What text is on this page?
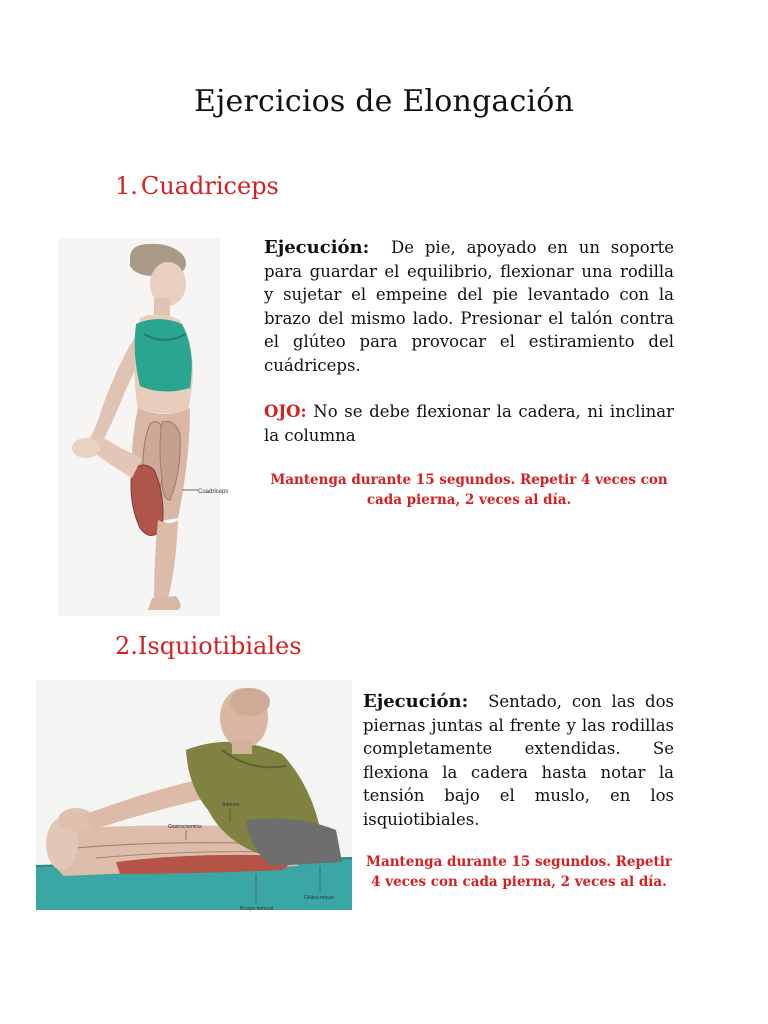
Ejercicios de Elongación
1. Cuadriceps
Cuadriceps
Ejecución: De pie, apoyado en un soporte para guardar el equilibrio, flexionar una rodilla y sujetar el empeine del pie levantado con la brazo del mismo lado. Presionar el talón contra el glúteo para provocar el estiramiento del cuádriceps.
OJO: No se debe flexionar la cadera, ni inclinar la columna
Mantenga durante 15 segundos. Repetir 4 veces con cada pierna, 2 veces al día.
2.Isquiotibiales
Sartorio
Gastrocnemios
Bíceps femoral
Glúteo mayor
Ejecución: Sentado, con las dos piernas juntas al frente y las rodillas completamente extendidas. Se flexiona la cadera hasta notar la tensión bajo el muslo, en los isquiotibiales.
Mantenga durante 15 segundos. Repetir 4 veces con cada pierna, 2 veces al día.
